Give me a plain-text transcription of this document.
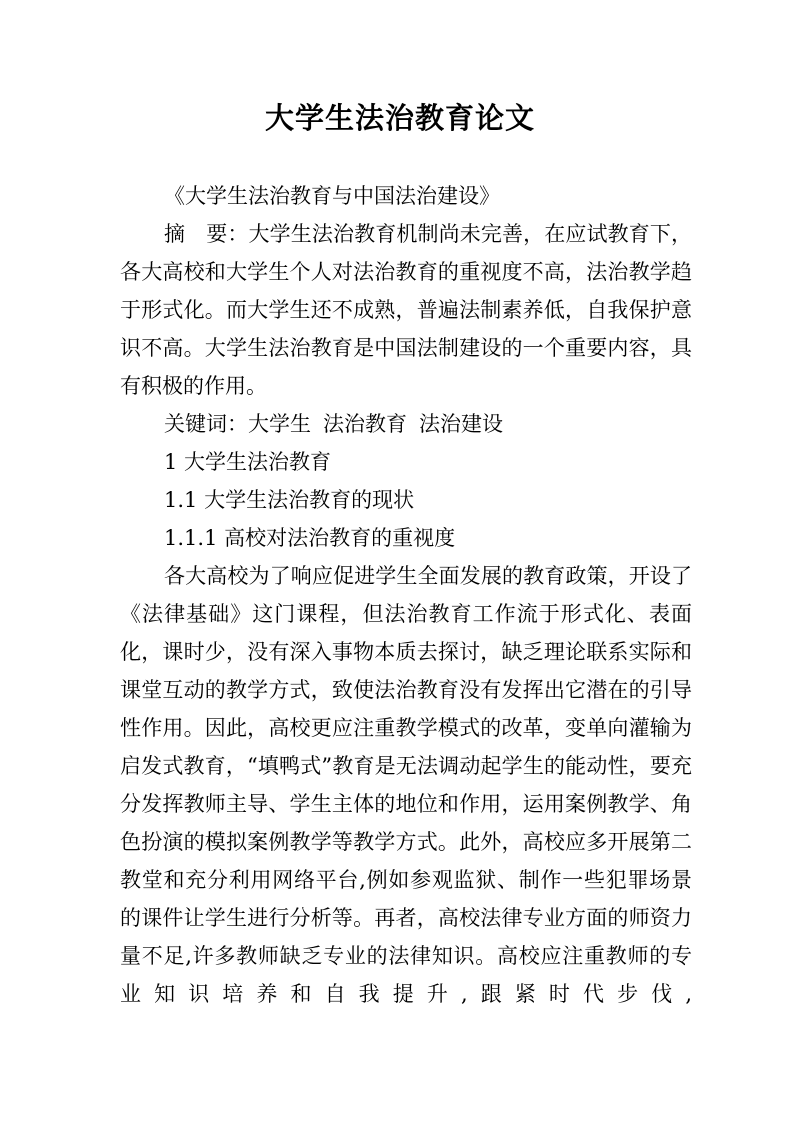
大学生法治教育论文

《大学生法治教育与中国法治建设》

摘　要：大学生法治教育机制尚未完善，在应试教育下，各大高校和大学生个人对法治教育的重视度不高，法治教学趋于形式化。而大学生还不成熟，普遍法制素养低，自我保护意识不高。大学生法治教育是中国法制建设的一个重要内容，具有积极的作用。

关键词：大学生 法治教育 法治建设

1 大学生法治教育

1.1 大学生法治教育的现状

1.1.1 高校对法治教育的重视度

各大高校为了响应促进学生全面发展的教育政策，开设了《法律基础》这门课程，但法治教育工作流于形式化、表面化，课时少，没有深入事物本质去探讨，缺乏理论联系实际和课堂互动的教学方式，致使法治教育没有发挥出它潜在的引导性作用。因此，高校更应注重教学模式的改革，变单向灌输为启发式教育，“填鸭式”教育是无法调动起学生的能动性，要充分发挥教师主导、学生主体的地位和作用，运用案例教学、角色扮演的模拟案例教学等教学方式。此外，高校应多开展第二教堂和充分利用网络平台,例如参观监狱、制作一些犯罪场景的课件让学生进行分析等。再者，高校法律专业方面的师资力量不足,许多教师缺乏专业的法律知识。高校应注重教师的专业知识培养和自我提升,跟紧时代步伐,
